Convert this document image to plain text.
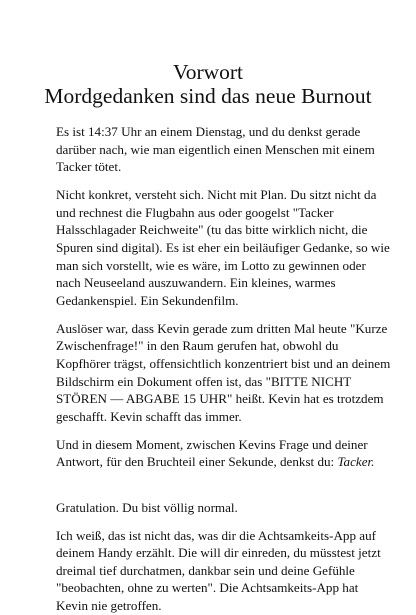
Vorwort
Mordgedanken sind das neue Burnout
Es ist 14:37 Uhr an einem Dienstag, und du denkst gerade
darüber nach, wie man eigentlich einen Menschen mit einem
Tacker tötet.
Nicht konkret, versteht sich. Nicht mit Plan. Du sitzt nicht da
und rechnest die Flugbahn aus oder googelst "Tacker
Halsschlagader Reichweite" (tu das bitte wirklich nicht, die
Spuren sind digital). Es ist eher ein beiläufiger Gedanke, so wie
man sich vorstellt, wie es wäre, im Lotto zu gewinnen oder
nach Neuseeland auszuwandern. Ein kleines, warmes
Gedankenspiel. Ein Sekundenfilm.
Auslöser war, dass Kevin gerade zum dritten Mal heute "Kurze
Zwischenfrage!" in den Raum gerufen hat, obwohl du
Kopfhörer trägst, offensichtlich konzentriert bist und an deinem
Bildschirm ein Dokument offen ist, das "BITTE NICHT
STÖREN — ABGABE 15 UHR" heißt. Kevin hat es trotzdem
geschafft. Kevin schafft das immer.
Und in diesem Moment, zwischen Kevins Frage und deiner
Antwort, für den Bruchteil einer Sekunde, denkst du: Tacker.
Gratulation. Du bist völlig normal.
Ich weiß, das ist nicht das, was dir die Achtsamkeits-App auf
deinem Handy erzählt. Die will dir einreden, du müsstest jetzt
dreimal tief durchatmen, dankbar sein und deine Gefühle
"beobachten, ohne zu werten". Die Achtsamkeits-App hat
Kevin nie getroffen.
